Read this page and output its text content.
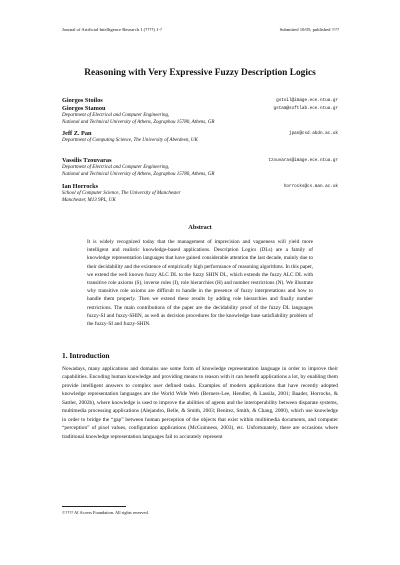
Journal of Artificial Intelligence Research 1 (????) 1-?	Submitted 10/05; published ?/??
Reasoning with Very Expressive Fuzzy Description Logics
Giorgos Stoilos	gstoil@image.ece.ntua.gr
Giorgos Stamou	gstam@softlab.ece.ntua.gr
Department of Electrical and Computer Engineering,
National and Technical University of Athens, Zographou 15780, Athens, GR
Jeff Z. Pan	jpan@csd.abdn.ac.uk
Department of Computing Science, The University of Aberdeen, UK
Vassilis Tzouvaras	tzouvaras@image.ece.ntua.gr
Department of Electrical and Computer Engineering,
National and Technical University of Athens, Zographou 15780, Athens, GR
Ian Horrocks	horrocks@cs.man.ac.uk
School of Computer Science, The University of Manchester
Manchester, M13 9PL, UK
Abstract
It is widely recognized today that the management of imprecision and vagueness will yield more intelligent and realistic knowledge-based applications. Description Logics (DLs) are a family of knowledge representation languages that have gained considerable attention the last decade, mainly due to their decidability and the existence of empirically high performance of reasoning algorithms. In this paper, we extend the well known fuzzy ALC DL to the fuzzy SHIN DL, which extends the fuzzy ALC DL with transitive role axioms (S), inverse roles (I), role hierarchies (H) and number restrictions (N). We illustrate why transitive role axioms are difficult to handle in the presence of fuzzy interpretations and how to handle them properly. Then we extend these results by adding role hierarchies and finally number restrictions. The main contributions of the paper are the decidability proof of the fuzzy DL languages fuzzy-SI and fuzzy-SHIN, as well as decision procedures for the knowledge base satisfiability problem of the fuzzy-SI and fuzzy-SHIN.
1. Introduction
Nowadays, many applications and domains use some form of knowledge representation language in order to improve their capabilities. Encoding human knowledge and providing means to reason with it can benefit applications a lot, by enabling them provide intelligent answers to complex user defined tasks. Examples of modern applications that have recently adopted knowledge representation languages are the World Wide Web (Berners-Lee, Hendler, & Lassila, 2001; Baader, Horrocks, & Sattler, 2002b), where knowledge is used to improve the abilities of agents and the interoperability between disparate systems, multimedia processing applications (Alejandro, Belle, & Smith, 2003; Benitez, Smith, & Chang, 2000), which use knowledge in order to bridge the “gap” between human perception of the objects that exist within multimedia documents, and computer “perception” of pixel values, configuration applications (McGuinness, 2003), etc. Unfortunately, there are occasions where traditional knowledge representation languages fail to accurately represent
©???? AI Access Foundation. All rights reserved.
